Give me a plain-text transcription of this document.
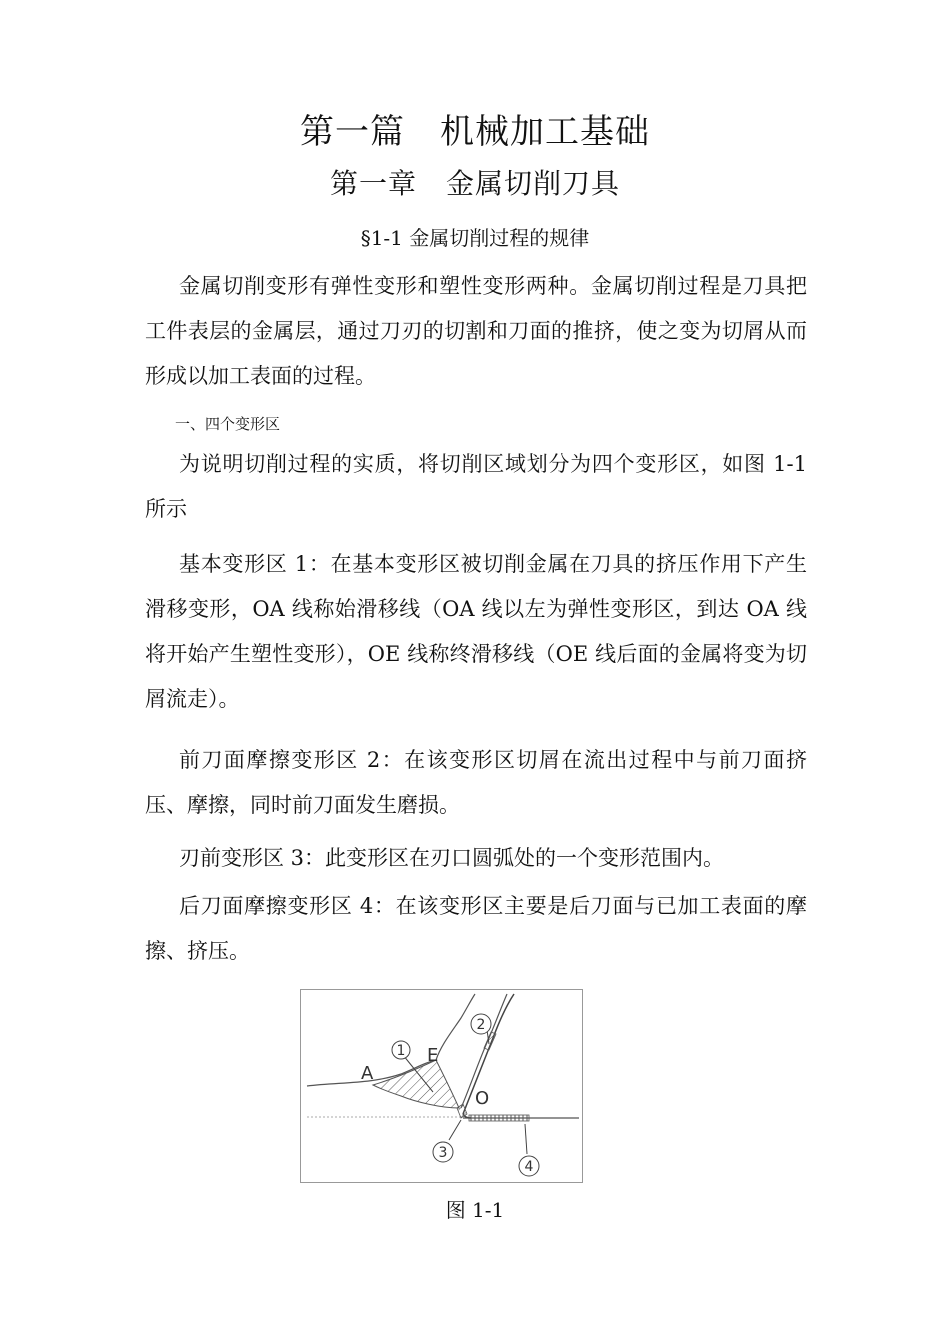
第一篇　机械加工基础
第一章　金属切削刀具
§1-1 金属切削过程的规律
金属切削变形有弹性变形和塑性变形两种。金属切削过程是刀具把工件表层的金属层，通过刀刃的切割和刀面的推挤，使之变为切屑从而形成以加工表面的过程。
一、四个变形区
为说明切削过程的实质，将切削区域划分为四个变形区，如图 1-1 所示
基本变形区 1：在基本变形区被切削金属在刀具的挤压作用下产生滑移变形，OA 线称始滑移线（OA 线以左为弹性变形区，到达 OA 线将开始产生塑性变形），OE 线称终滑移线（OE 线后面的金属将变为切屑流走）。
前刀面摩擦变形区 2：在该变形区切屑在流出过程中与前刀面挤压、摩擦，同时前刀面发生磨损。
刃前变形区 3：此变形区在刃口圆弧处的一个变形范围内。
后刀面摩擦变形区 4：在该变形区主要是后刀面与已加工表面的摩擦、挤压。
1
2
3
4
A
E
O
图 1-1
